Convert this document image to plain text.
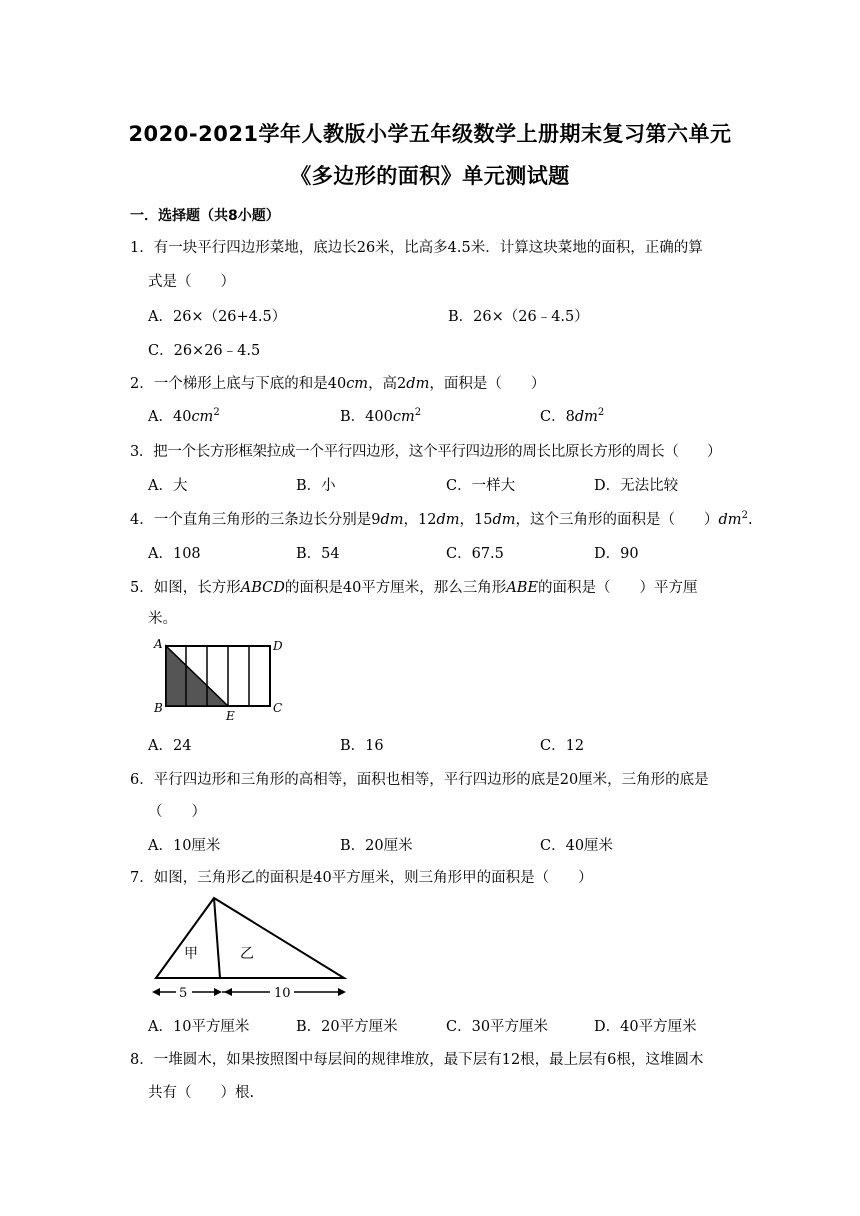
2020-2021学年人教版小学五年级数学上册期末复习第六单元
《多边形的面积》单元测试题
一．选择题（共8小题）
1．有一块平行四边形菜地，底边长26米，比高多4.5米．计算这块菜地的面积，正确的算
式是（　　）
A．26×（26+4.5）	B．26×（26﹣4.5）
C．26×26﹣4.5
2．一个梯形上底与下底的和是40cm，高2dm，面积是（　　）
A．$40cm^2$	B．$400cm^2$	C．$8dm^2$
3．把一个长方形框架拉成一个平行四边形，这个平行四边形的周长比原长方形的周长（　　）
A．大	B．小	C．一样大	D．无法比较
4．一个直角三角形的三条边长分别是9dm，12dm，15dm，这个三角形的面积是（　　）$dm^2$.
A．108	B．54	C．67.5	D．90
5．如图，长方形ABCD的面积是40平方厘米，那么三角形ABE的面积是（　　）平方厘
米。
A
B	C
D
E
A．24	B．16	C．12
6．平行四边形和三角形的高相等，面积也相等，平行四边形的底是20厘米，三角形的底是
（　　）
A．10厘米	B．20厘米	C．40厘米
7．如图，三角形乙的面积是40平方厘米，则三角形甲的面积是（　　）
甲	乙
5	10
A．10平方厘米	B．20平方厘米	C．30平方厘米	D．40平方厘米
8．一堆圆木，如果按照图中每层间的规律堆放，最下层有12根，最上层有6根，这堆圆木
共有（　　）根.
